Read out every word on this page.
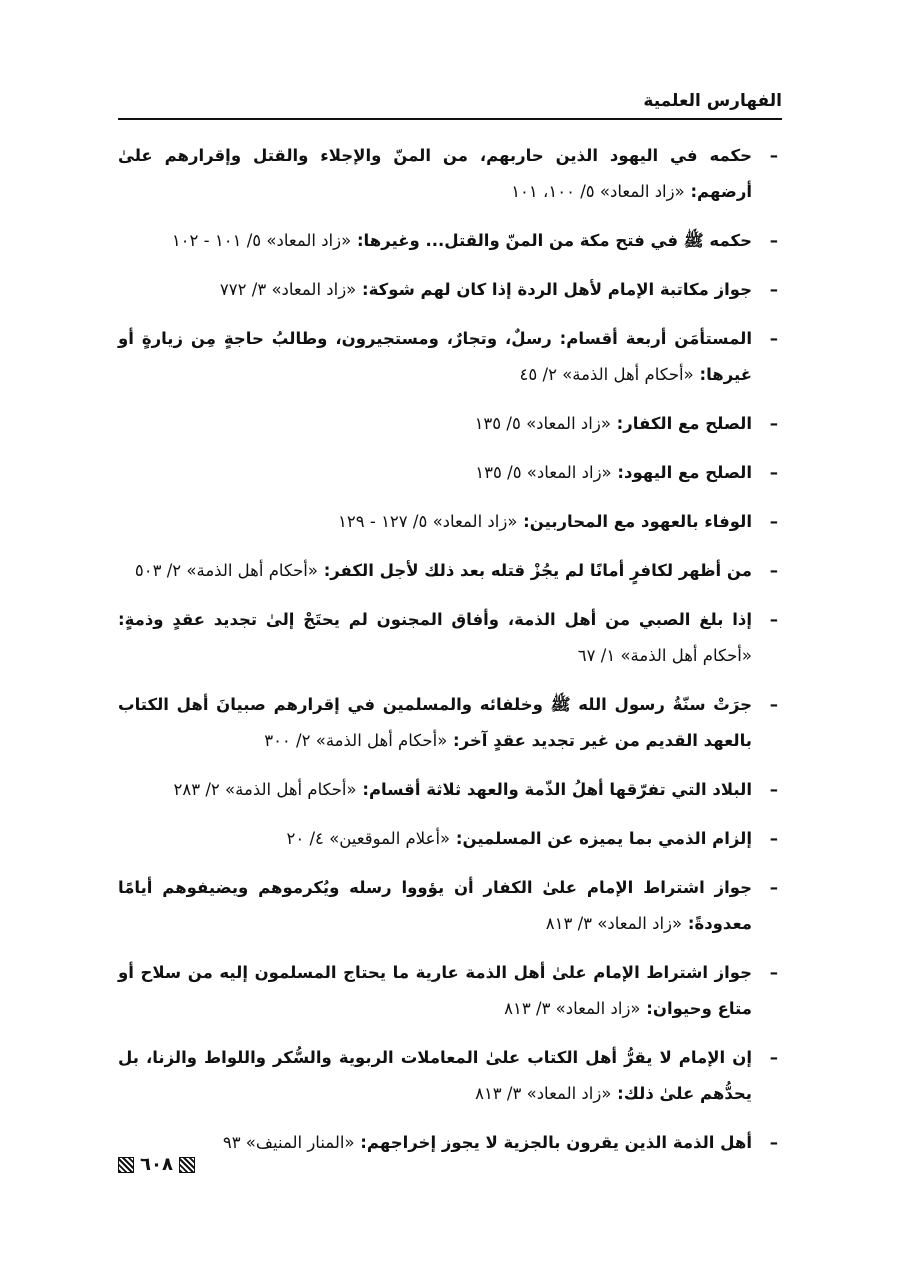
الفهارس العلمية
–
حكمه في اليهود الذين حاربهم، من المنّ والإجلاء والقتل وإقرارهم علىٰ أرضهم: «زاد المعاد» ٥/ ١٠٠، ١٠١
–
حكمه ﷺ في فتح مكة من المنّ والقتل... وغيرها: «زاد المعاد» ٥/ ١٠١ - ١٠٢
–
جواز مكاتبة الإمام لأهل الردة إذا كان لهم شوكة: «زاد المعاد» ٣/ ٧٧٢
–
المستأمَن أربعة أقسام: رسلٌ، وتجارٌ، ومستجيرون، وطالبُ حاجةٍ مِن زيارةٍ أو غيرها: «أحكام أهل الذمة» ٢/ ٤٥
–
الصلح مع الكفار: «زاد المعاد» ٥/ ١٣٥
–
الصلح مع اليهود: «زاد المعاد» ٥/ ١٣٥
–
الوفاء بالعهود مع المحاربين: «زاد المعاد» ٥/ ١٢٧ - ١٢٩
–
من أظهر لكافرٍ أمانًا لم يجُزْ قتله بعد ذلك لأجل الكفر: «أحكام أهل الذمة» ٢/ ٥٠٣
–
إذا بلغ الصبي من أهل الذمة، وأفاق المجنون لم يحتَجْ إلىٰ تجديد عقدٍ وذمةٍ: «أحكام أهل الذمة» ١/ ٦٧
–
جرَتْ سنّةُ رسول الله ﷺ وخلفائه والمسلمين في إقرارهم صبيانَ أهل الكتاب بالعهد القديم من غير تجديد عقدٍ آخر: «أحكام أهل الذمة» ٢/ ٣٠٠
–
البلاد التي تفرّقها أهلُ الذّمة والعهد ثلاثة أقسام: «أحكام أهل الذمة» ٢/ ٢٨٣
–
إلزام الذمي بما يميزه عن المسلمين: «أعلام الموقعين» ٤/ ٢٠
–
جواز اشتراط الإمام علىٰ الكفار أن يؤووا رسله ويُكرموهم ويضيفوهم أيامًا معدودةً: «زاد المعاد» ٣/ ٨١٣
–
جواز اشتراط الإمام علىٰ أهل الذمة عارية ما يحتاج المسلمون إليه من سلاح أو متاع وحيوان: «زاد المعاد» ٣/ ٨١٣
–
إن الإمام لا يقرُّ أهل الكتاب علىٰ المعاملات الربوية والسُّكر واللواط والزنا، بل يحدُّهم علىٰ ذلك: «زاد المعاد» ٣/ ٨١٣
–
أهل الذمة الذين يقرون بالجزية لا يجوز إخراجهم: «المنار المنيف» ٩٣
٦٠٨
